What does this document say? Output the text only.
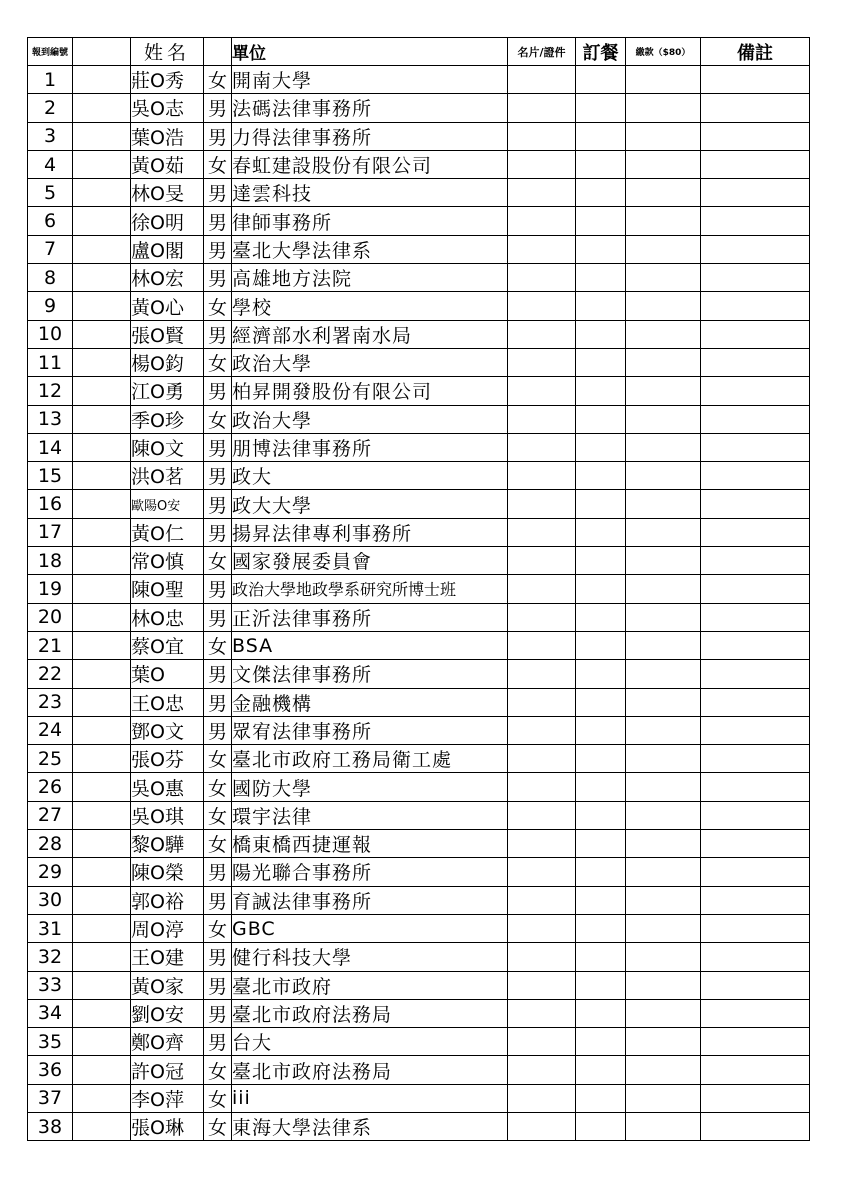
報到編號		姓名		單位	名片/證件	訂餐	繳款（$80）	備註
1		莊O秀	女	開南大學				
2		吳O志	男	法碼法律事務所				
3		葉O浩	男	力得法律事務所				
4		黃O茹	女	春虹建設股份有限公司				
5		林O旻	男	達雲科技				
6		徐O明	男	律師事務所				
7		盧O閣	男	臺北大學法律系				
8		林O宏	男	高雄地方法院				
9		黃O心	女	學校				
10		張O賢	男	經濟部水利署南水局				
11		楊O鈞	女	政治大學				
12		江O勇	男	柏昇開發股份有限公司				
13		季O珍	女	政治大學				
14		陳O文	男	朋博法律事務所				
15		洪O茗	男	政大				
16		歐陽O安	男	政大大學				
17		黃O仁	男	揚昇法律專利事務所				
18		常O慎	女	國家發展委員會				
19		陳O聖	男	政治大學地政學系研究所博士班				
20		林O忠	男	正沂法律事務所				
21		蔡O宜	女	BSA				
22		葉O	男	文傑法律事務所				
23		王O忠	男	金融機構				
24		鄧O文	男	眾宥法律事務所				
25		張O芬	女	臺北市政府工務局衛工處				
26		吳O惠	女	國防大學				
27		吳O琪	女	環宇法律				
28		黎O驊	女	橋東橋西捷運報				
29		陳O榮	男	陽光聯合事務所				
30		郭O裕	男	育誠法律事務所				
31		周O渟	女	GBC				
32		王O建	男	健行科技大學				
33		黃O家	男	臺北市政府				
34		劉O安	男	臺北市政府法務局				
35		鄭O齊	男	台大				
36		許O冠	女	臺北市政府法務局				
37		李O萍	女	iii				
38		張O琳	女	東海大學法律系				
